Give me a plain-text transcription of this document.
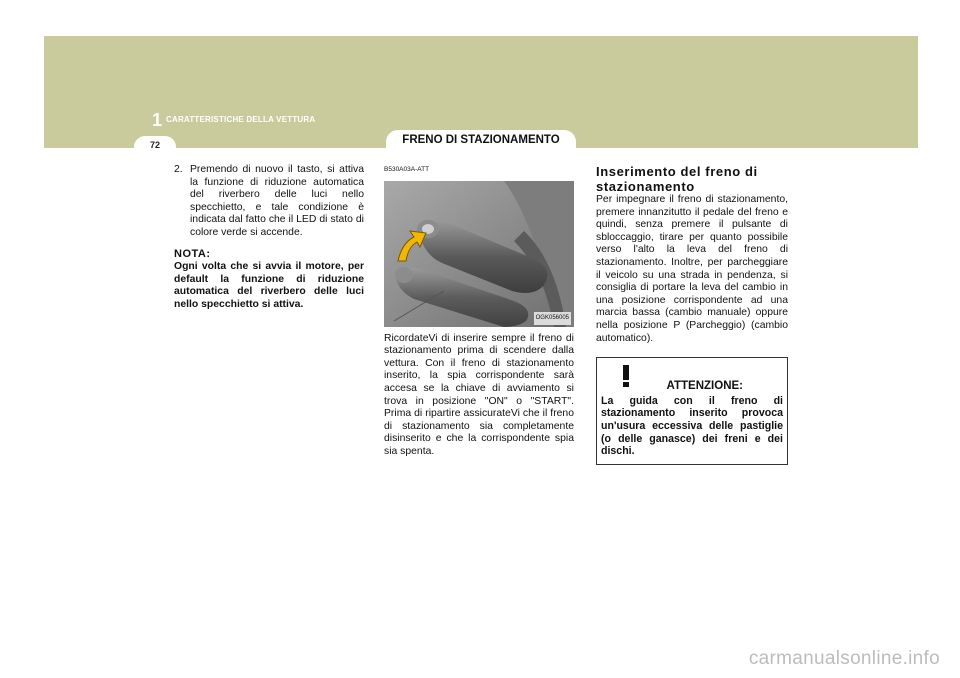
1 CARATTERISTICHE DELLA VETTURA
72	FRENO DI STAZIONAMENTO
2. Premendo di nuovo il tasto, si attiva la funzione di riduzione automatica del riverbero delle luci nello specchietto, e tale condizione è indicata dal fatto che il LED di stato di colore verde si accende.
NOTA:
Ogni volta che si avvia il motore, per default la funzione di riduzione automatica del riverbero delle luci nello specchietto si attiva.
B530A03A-ATT
OGK056005
RicordateVi di inserire sempre il freno di stazionamento prima di scendere dalla vettura. Con il freno di stazionamento inserito, la spia corrispondente sarà accesa se la chiave di avviamento si trova in posizione "ON" o "START". Prima di ripartire assicurateVi che il freno di stazionamento sia completamente disinserito e che la corrispondente spia sia spenta.
Inserimento del freno di stazionamento
Per impegnare il freno di stazionamento, premere innanzitutto il pedale del freno e quindi, senza premere il pulsante di sbloccaggio, tirare per quanto possibile verso l'alto la leva del freno di stazionamento. Inoltre, per parcheggiare il veicolo su una strada in pendenza, si consiglia di portare la leva del cambio in una posizione corrispondente ad una marcia bassa (cambio manuale) oppure nella posizione P (Parcheggio) (cambio automatico).
ATTENZIONE:
La guida con il freno di stazionamento inserito provoca un'usura eccessiva delle pastiglie (o delle ganasce) dei freni e dei dischi.
carmanualsonline.info
